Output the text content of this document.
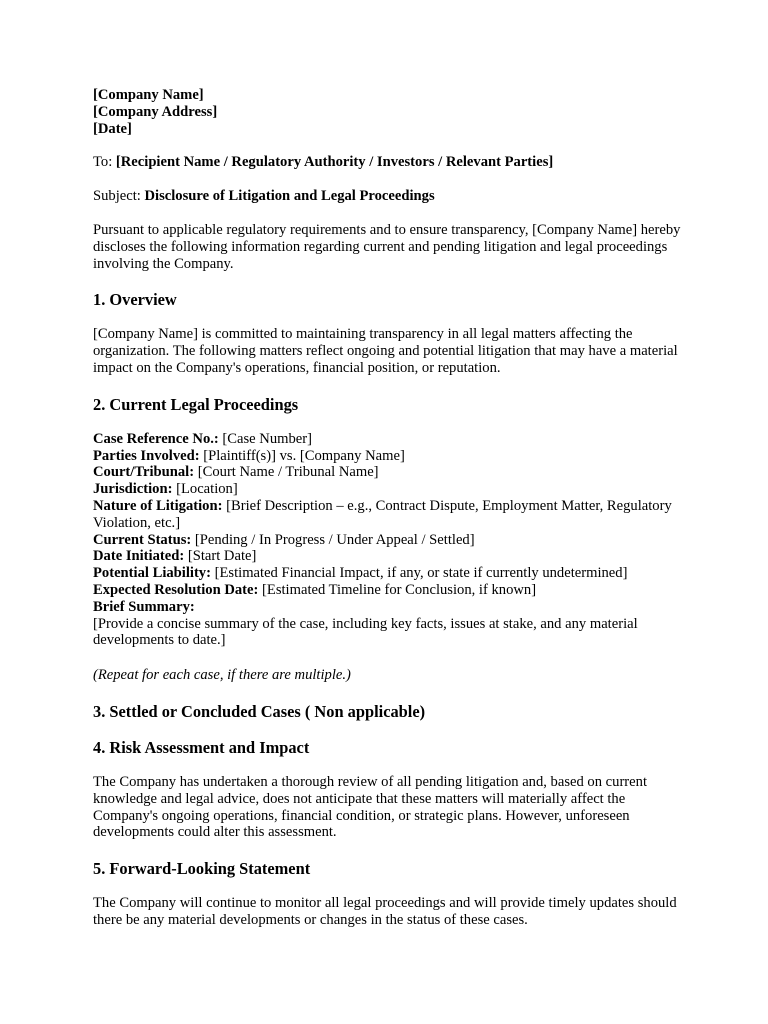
[Company Name]
[Company Address]
[Date]

To: [Recipient Name / Regulatory Authority / Investors / Relevant Parties]

Subject: Disclosure of Litigation and Legal Proceedings

Pursuant to applicable regulatory requirements and to ensure transparency, [Company Name] hereby discloses the following information regarding current and pending litigation and legal proceedings involving the Company.

1. Overview

[Company Name] is committed to maintaining transparency in all legal matters affecting the organization. The following matters reflect ongoing and potential litigation that may have a material impact on the Company's operations, financial position, or reputation.

2. Current Legal Proceedings

Case Reference No.: [Case Number]

Parties Involved: [Plaintiff(s)] vs. [Company Name]

Court/Tribunal: [Court Name / Tribunal Name]

Jurisdiction: [Location]

Nature of Litigation: [Brief Description – e.g., Contract Dispute, Employment Matter, Regulatory Violation, etc.]

Current Status: [Pending / In Progress / Under Appeal / Settled]

Date Initiated: [Start Date]

Potential Liability: [Estimated Financial Impact, if any, or state if currently undetermined]

Expected Resolution Date: [Estimated Timeline for Conclusion, if known]

Brief Summary:

[Provide a concise summary of the case, including key facts, issues at stake, and any material developments to date.]

(Repeat for each case, if there are multiple.)

3. Settled or Concluded Cases ( Non applicable)
4. Risk Assessment and Impact

The Company has undertaken a thorough review of all pending litigation and, based on current knowledge and legal advice, does not anticipate that these matters will materially affect the Company's ongoing operations, financial condition, or strategic plans. However, unforeseen developments could alter this assessment.

5. Forward-Looking Statement

The Company will continue to monitor all legal proceedings and will provide timely updates should there be any material developments or changes in the status of these cases.
